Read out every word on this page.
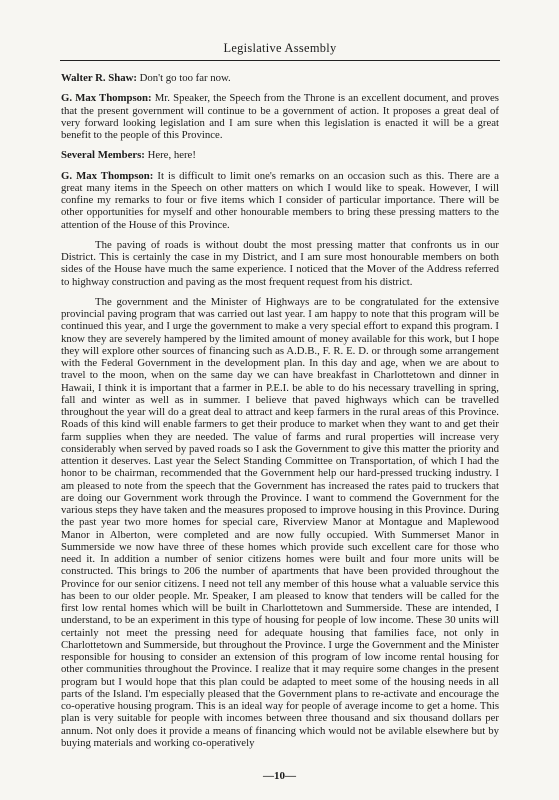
Legislative Assembly

Walter R. Shaw: Don't go too far now.

G. Max Thompson: Mr. Speaker, the Speech from the Throne is an excellent document, and proves that the present government will continue to be a government of action. It proposes a great deal of very forward looking legislation and I am sure when this legislation is enacted it will be a great benefit to the people of this Province.

Several Members: Here, here!

G. Max Thompson: It is difficult to limit one's remarks on an occasion such as this. There are a great many items in the Speech on other matters on which I would like to speak. However, I will confine my remarks to four or five items which I consider of particular importance. There will be other opportunities for myself and other honourable members to bring these pressing matters to the attention of the House of this Province.

The paving of roads is without doubt the most pressing matter that confronts us in our District. This is certainly the case in my District, and I am sure most honourable members on both sides of the House have much the same experience. I noticed that the Mover of the Address referred to highway construction and paving as the most frequent request from his district.

The government and the Minister of Highways are to be congratulated for the extensive provincial paving program that was carried out last year. I am happy to note that this program will be continued this year, and I urge the government to make a very special effort to expand this program. I know they are severely hampered by the limited amount of money available for this work, but I hope they will explore other sources of financing such as A.D.B., F. R. E. D. or through some arrangement with the Federal Government in the development plan. In this day and age, when we are about to travel to the moon, when on the same day we can have breakfast in Charlottetown and dinner in Hawaii, I think it is important that a farmer in P.E.I. be able to do his necessary travelling in spring, fall and winter as well as in summer. I believe that paved highways which can be travelled throughout the year will do a great deal to attract and keep farmers in the rural areas of this Province. Roads of this kind will enable farmers to get their produce to market when they want to and get their farm supplies when they are needed. The value of farms and rural properties will increase very considerably when served by paved roads so I ask the Government to give this matter the priority and attention it deserves. Last year the Select Standing Committee on Transportation, of which I had the honor to be chairman, recommended that the Government help our hard-pressed trucking industry. I am pleased to note from the speech that the Government has increased the rates paid to truckers that are doing our Government work through the Province. I want to commend the Government for the various steps they have taken and the measures proposed to improve housing in this Province. During the past year two more homes for special care, Riverview Manor at Montague and Maplewood Manor in Alberton, were completed and are now fully occupied. With Summerset Manor in Summerside we now have three of these homes which provide such excellent care for those who need it. In addition a number of senior citizens homes were built and four more units will be constructed. This brings to 206 the number of apartments that have been provided throughout the Province for our senior citizens. I need not tell any member of this house what a valuable service this has been to our older people. Mr. Speaker, I am pleased to know that tenders will be called for the first low rental homes which will be built in Charlottetown and Summerside. These are intended, I understand, to be an experiment in this type of housing for people of low income. These 30 units will certainly not meet the pressing need for adequate housing that families face, not only in Charlottetown and Summerside, but throughout the Province. I urge the Government and the Minister responsible for housing to consider an extension of this program of low income rental housing for other communities throughout the Province. I realize that it may require some changes in the present program but I would hope that this plan could be adapted to meet some of the housing needs in all parts of the Island. I'm especially pleased that the Government plans to re-activate and encourage the co-operative housing program. This is an ideal way for people of average income to get a home. This plan is very suitable for people with incomes between three thousand and six thousand dollars per annum. Not only does it provide a means of financing which would not be avilable elsewhere but by buying materials and working co-operatively

—10—
